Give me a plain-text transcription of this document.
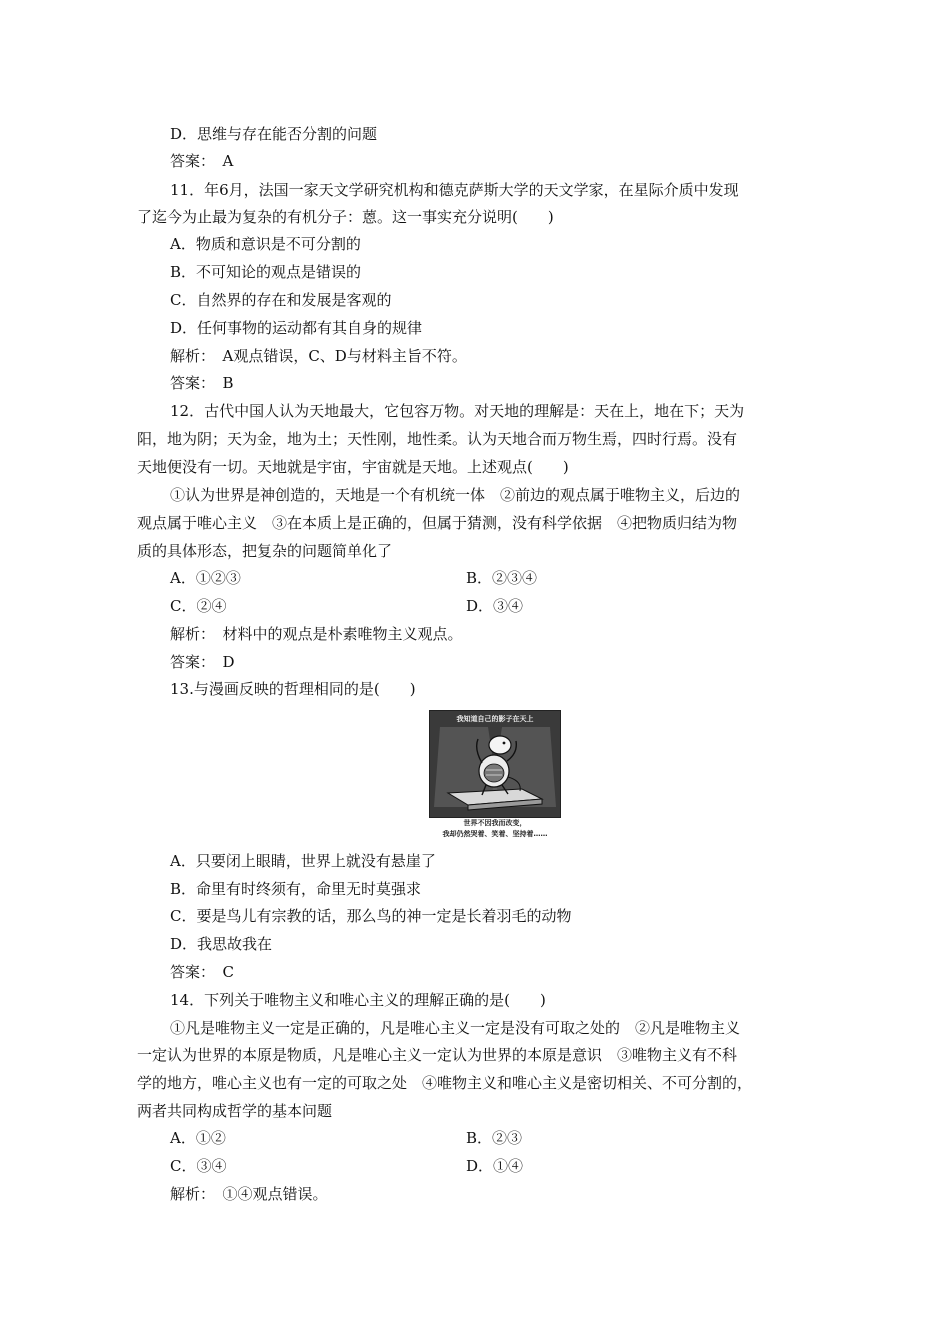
D．思维与存在能否分割的问题
答案：　A
11．年6月，法国一家天文学研究机构和德克萨斯大学的天文学家，在星际介质中发现
了迄今为止最为复杂的有机分子：蒽。这一事实充分说明(　　)
A．物质和意识是不可分割的
B．不可知论的观点是错误的
C．自然界的存在和发展是客观的
D．任何事物的运动都有其自身的规律
解析：　A观点错误，C、D与材料主旨不符。
答案：　B
12．古代中国人认为天地最大，它包容万物。对天地的理解是：天在上，地在下；天为
阳，地为阴；天为金，地为土；天性刚，地性柔。认为天地合而万物生焉，四时行焉。没有
天地便没有一切。天地就是宇宙，宇宙就是天地。上述观点(　　)
①认为世界是神创造的，天地是一个有机统一体　②前边的观点属于唯物主义，后边的
观点属于唯心主义　③在本质上是正确的，但属于猜测，没有科学依据　④把物质归结为物
质的具体形态，把复杂的问题简单化了
A．①②③	B．②③④
C．②④	D．③④
解析：　材料中的观点是朴素唯物主义观点。
答案：　D
13.与漫画反映的哲理相同的是(　　)
我知道自己的影子在天上
世界不因我而改变，
我却仍然哭着、笑着、坚持着……
A．只要闭上眼睛，世界上就没有悬崖了
B．命里有时终须有，命里无时莫强求
C．要是鸟儿有宗教的话，那么鸟的神一定是长着羽毛的动物
D．我思故我在
答案：　C
14．下列关于唯物主义和唯心主义的理解正确的是(　　)
①凡是唯物主义一定是正确的，凡是唯心主义一定是没有可取之处的　②凡是唯物主义
一定认为世界的本原是物质，凡是唯心主义一定认为世界的本原是意识　③唯物主义有不科
学的地方，唯心主义也有一定的可取之处　④唯物主义和唯心主义是密切相关、不可分割的，
两者共同构成哲学的基本问题
A．①②	B．②③
C．③④	D．①④
解析：　①④观点错误。
